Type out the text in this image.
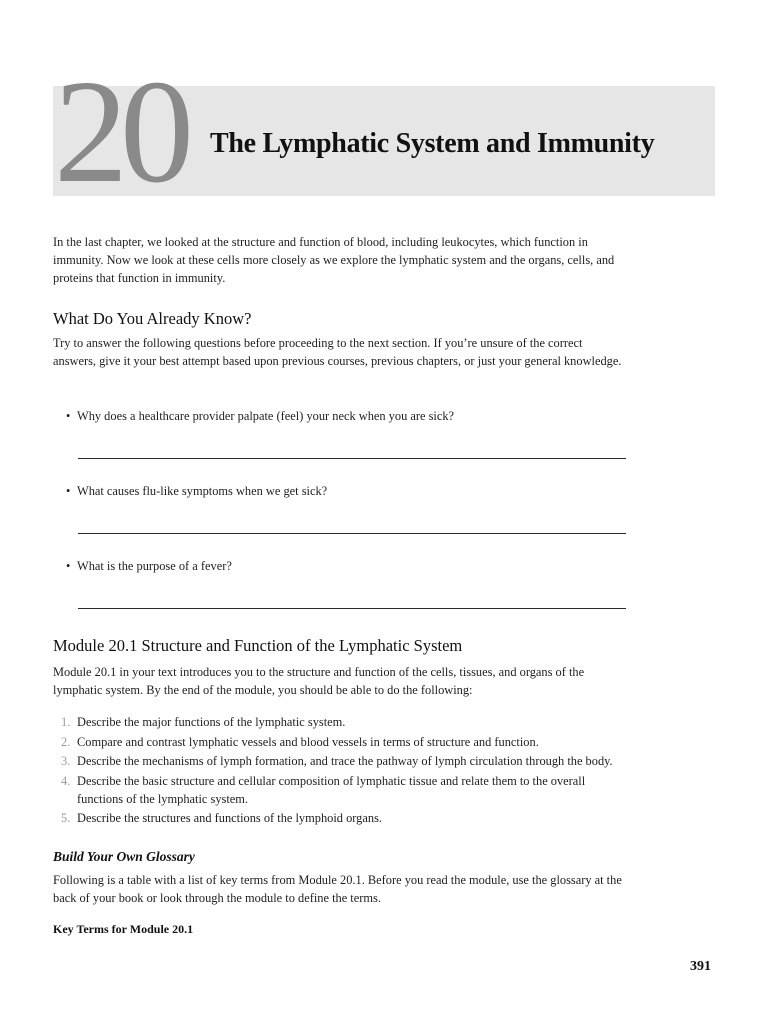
20 The Lymphatic System and Immunity

In the last chapter, we looked at the structure and function of blood, including leukocytes, which function in immunity. Now we look at these cells more closely as we explore the lymphatic system and the organs, cells, and proteins that function in immunity.

What Do You Already Know?

Try to answer the following questions before proceeding to the next section. If you’re unsure of the correct answers, give it your best attempt based upon previous courses, previous chapters, or just your general knowledge.

• Why does a healthcare provider palpate (feel) your neck when you are sick?
• What causes flu-like symptoms when we get sick?
• What is the purpose of a fever?
Module 20.1 Structure and Function of the Lymphatic System

Module 20.1 in your text introduces you to the structure and function of the cells, tissues, and organs of the lymphatic system. By the end of the module, you should be able to do the following:

1. Describe the major functions of the lymphatic system.
2. Compare and contrast lymphatic vessels and blood vessels in terms of structure and function.
3. Describe the mechanisms of lymph formation, and trace the pathway of lymph circulation through the body.
4. Describe the basic structure and cellular composition of lymphatic tissue and relate them to the overall functions of the lymphatic system.
5. Describe the structures and functions of the lymphoid organs.
Build Your Own Glossary

Following is a table with a list of key terms from Module 20.1. Before you read the module, use the glossary at the back of your book or look through the module to define the terms.

Key Terms for Module 20.1
391
